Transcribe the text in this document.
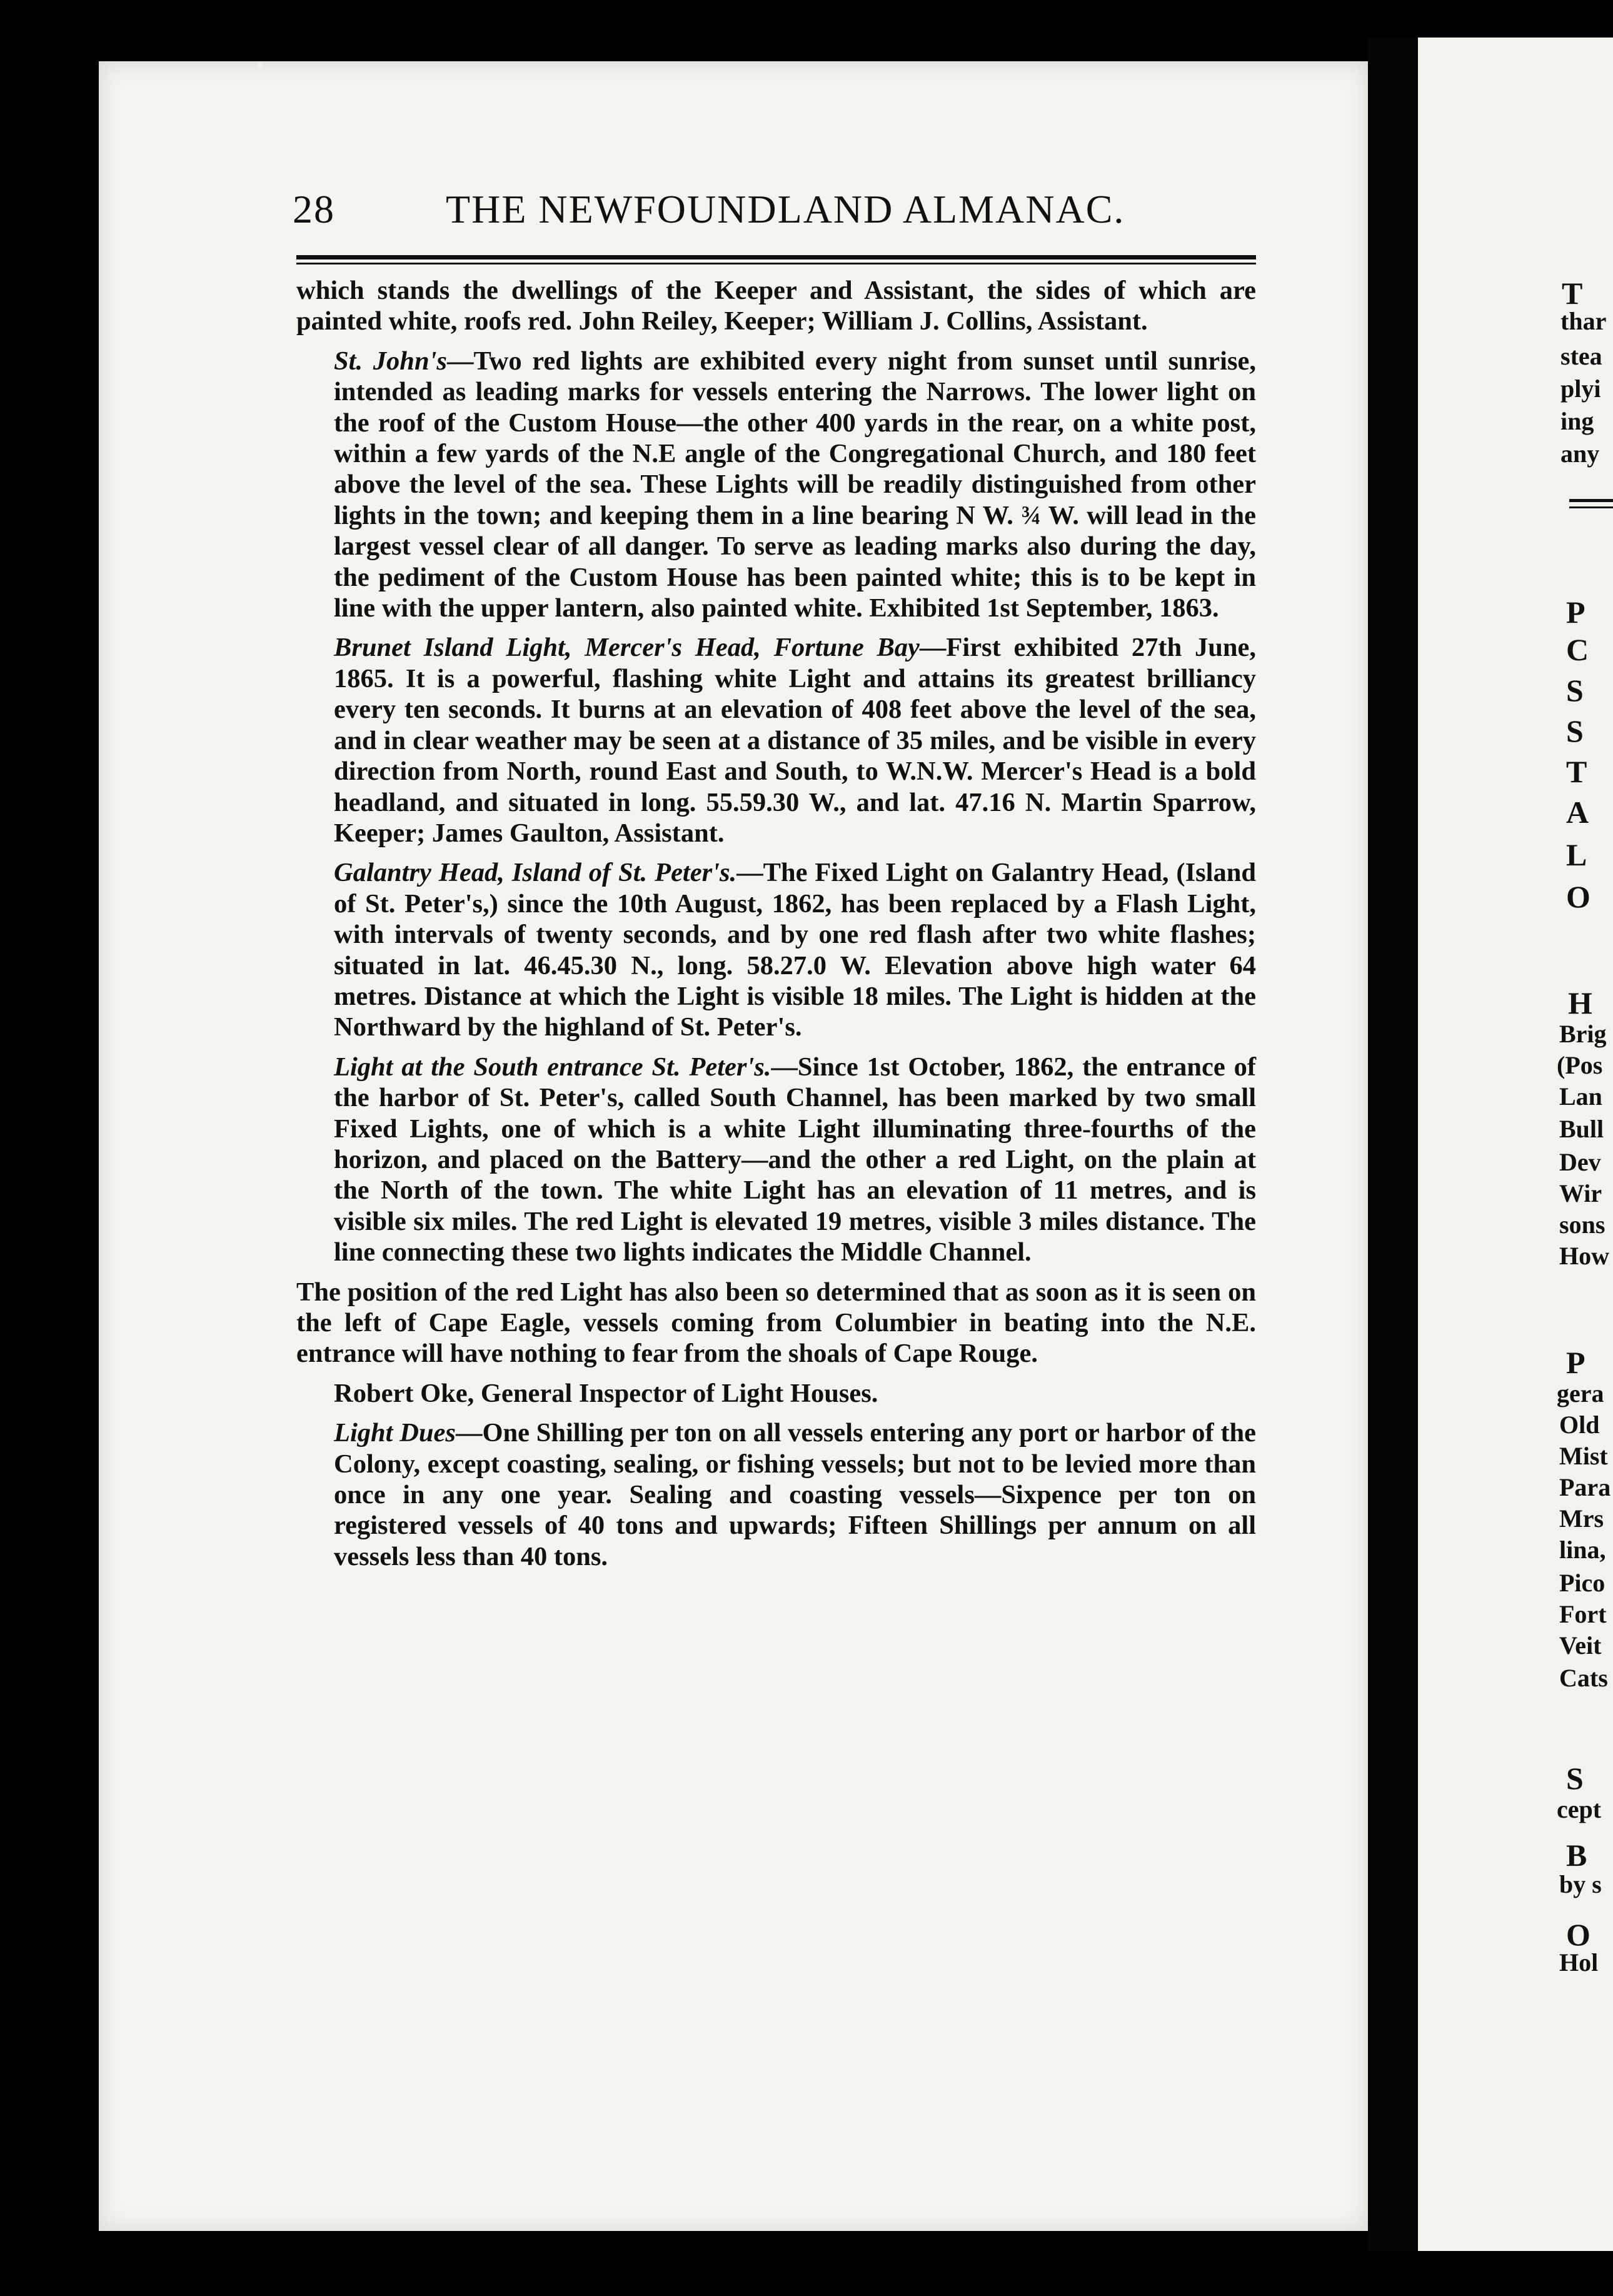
28	THE NEWFOUNDLAND ALMANAC.

which stands the dwellings of the Keeper and Assistant, the sides of which are painted white, roofs red. John Reiley, Keeper; William J. Collins, Assistant.

St. John's—Two red lights are exhibited every night from sunset until sunrise, intended as leading marks for vessels entering the Narrows. The lower light on the roof of the Custom House—the other 400 yards in the rear, on a white post, within a few yards of the N.E angle of the Congregational Church, and 180 feet above the level of the sea. These Lights will be readily distinguished from other lights in the town; and keeping them in a line bearing N W. ¾ W. will lead in the largest vessel clear of all danger. To serve as leading marks also during the day, the pediment of the Custom House has been painted white; this is to be kept in line with the upper lantern, also painted white. Exhibited 1st September, 1863.

Brunet Island Light, Mercer's Head, Fortune Bay—First exhibited 27th June, 1865. It is a powerful, flashing white Light and attains its greatest brilliancy every ten seconds. It burns at an elevation of 408 feet above the level of the sea, and in clear weather may be seen at a distance of 35 miles, and be visible in every direction from North, round East and South, to W.N.W. Mercer's Head is a bold headland, and situated in long. 55.59.30 W., and lat. 47.16 N. Martin Sparrow, Keeper; James Gaulton, Assistant.

Galantry Head, Island of St. Peter's.—The Fixed Light on Galantry Head, (Island of St. Peter's,) since the 10th August, 1862, has been replaced by a Flash Light, with intervals of twenty seconds, and by one red flash after two white flashes; situated in lat. 46.45.30 N., long. 58.27.0 W. Elevation above high water 64 metres. Distance at which the Light is visible 18 miles. The Light is hidden at the Northward by the highland of St. Peter's.

Light at the South entrance St. Peter's.—Since 1st October, 1862, the entrance of the harbor of St. Peter's, called South Channel, has been marked by two small Fixed Lights, one of which is a white Light illuminating three-fourths of the horizon, and placed on the Battery—and the other a red Light, on the plain at the North of the town. The white Light has an elevation of 11 metres, and is visible six miles. The red Light is elevated 19 metres, visible 3 miles distance. The line connecting these two lights indicates the Middle Channel.

The position of the red Light has also been so determined that as soon as it is seen on the left of Cape Eagle, vessels coming from Columbier in beating into the N.E. entrance will have nothing to fear from the shoals of Cape Rouge.

Robert Oke, General Inspector of Light Houses.

Light Dues—One Shilling per ton on all vessels entering any port or harbor of the Colony, except coasting, sealing, or fishing vessels; but not to be levied more than once in any one year. Sealing and coasting vessels—Sixpence per ton on registered vessels of 40 tons and upwards; Fifteen Shillings per annum on all vessels less than 40 tons.

T
thar
stea
plyi
ing
any
P
C
S
S
T
A
L
O
H
Brig
(Pos
Lan
Bull
Dev
Wir
sons
How
P
gera
Old
Mist
Para
Mrs
lina,
Pico
Fort
Veit
Cats
S
cept
B
by s
O
Hol
